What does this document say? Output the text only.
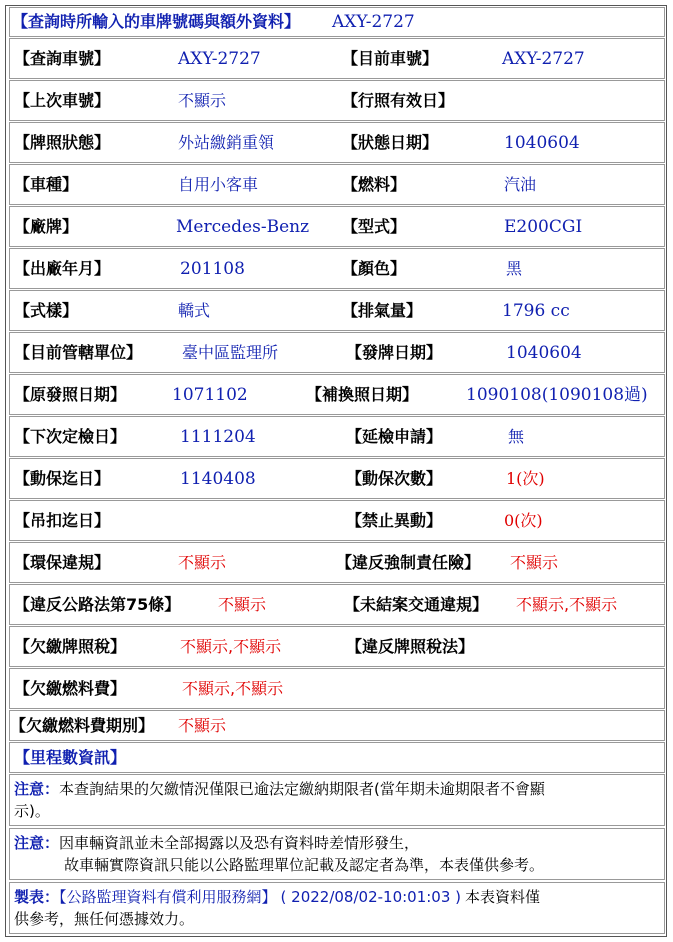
【查詢時所輸入的車牌號碼與額外資料】 AXY-2727
【查詢車號】	AXY-2727	【目前車號】	AXY-2727
【上次車號】	不顯示	【行照有效日】
【牌照狀態】	外站繳銷重領	【狀態日期】	1040604
【車種】	自用小客車	【燃料】	汽油
【廠牌】	Mercedes-Benz 【型式】	E200CGI
【出廠年月】	201108	【顏色】	黑
【式樣】	轎式	【排氣量】	1796 cc
【目前管轄單位】 臺中區監理所	【發牌日期】	1040604
【原發照日期】	1071102	【補換照日期】	1090108(1090108過)
【下次定檢日】	1111204	【延檢申請】	無
【動保迄日】	1140408	【動保次數】	1(次)
【吊扣迄日】	【禁止異動】	0(次)
【環保違規】	不顯示	【違反強制責任險】 不顯示
【違反公路法第75條】 不顯示	【未結案交通違規】 不顯示,不顯示
【欠繳牌照稅】	不顯示,不顯示	【違反牌照稅法】
【欠繳燃料費】	不顯示,不顯示
【欠繳燃料費期別】 不顯示
【里程數資訊】
注意：本查詢結果的欠繳情況僅限已逾法定繳納期限者(當年期未逾期限者不會顯
示)。
注意：因車輛資訊並未全部揭露以及恐有資料時差情形發生，
故車輛實際資訊只能以公路監理單位記載及認定者為準，本表僅供參考。
製表：【公路監理資料有償利用服務網】 ( 2022/08/02-10:01:03 ) 本表資料僅
供參考，無任何憑據效力。
